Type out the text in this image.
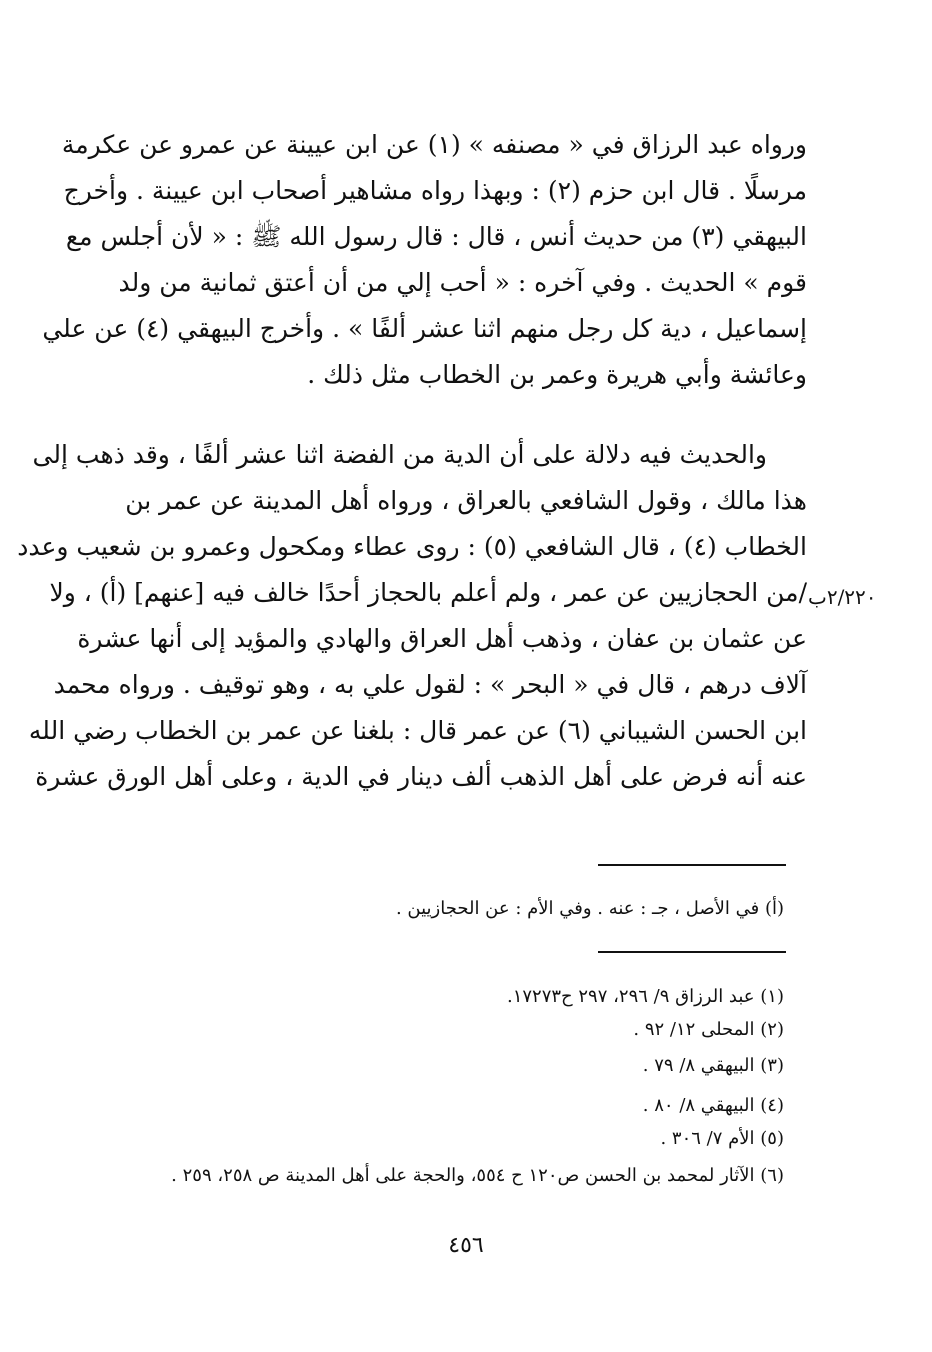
ورواه عبد الرزاق في « مصنفه » (١) عن ابن عيينة عن عمرو عن عكرمة
مرسلًا . قال ابن حزم (٢) : وبهذا رواه مشاهير أصحاب ابن عيينة . وأخرج
البيهقي (٣) من حديث أنس ، قال : قال رسول الله ﷺ : « لأن أجلس مع
قوم » الحديث . وفي آخره : « أحب إلي من أن أعتق ثمانية من ولد
إسماعيل ، دية كل رجل منهم اثنا عشر ألفًا » . وأخرج البيهقي (٤) عن علي
وعائشة وأبي هريرة وعمر بن الخطاب مثل ذلك .
والحديث فيه دلالة على أن الدية من الفضة اثنا عشر ألفًا ، وقد ذهب إلى
هذا مالك ، وقول الشافعي بالعراق ، ورواه أهل المدينة عن عمر بن
الخطاب (٤) ، قال الشافعي (٥) : روى عطاء ومكحول وعمرو بن شعيب وعدد
/من الحجازيين عن عمر ، ولم أعلم بالحجاز أحدًا خالف فيه [عنهم] (أ) ، ولا
عن عثمان بن عفان ، وذهب أهل العراق والهادي والمؤيد إلى أنها عشرة
آلاف درهم ، قال في « البحر » : لقول علي به ، وهو توقيف . ورواه محمد
ابن الحسن الشيباني (٦) عن عمر قال : بلغنا عن عمر بن الخطاب رضي الله
عنه أنه فرض على أهل الذهب ألف دينار في الدية ، وعلى أهل الورق عشرة
٢/٢٢٠ب
(أ) في الأصل ، جـ : عنه . وفي الأم : عن الحجازيين .
(١) عبد الرزاق ٩/ ٢٩٦، ٢٩٧ ح١٧٢٧٣.
(٢) المحلى ١٢/ ٩٢ .
(٣) البيهقي ٨/ ٧٩ .
(٤) البيهقي ٨/ ٨٠ .
(٥) الأم ٧/ ٣٠٦ .
(٦) الآثار لمحمد بن الحسن ص١٢٠ ح ٥٥٤، والحجة على أهل المدينة ص ٢٥٨، ٢٥٩ .
٤٥٦
